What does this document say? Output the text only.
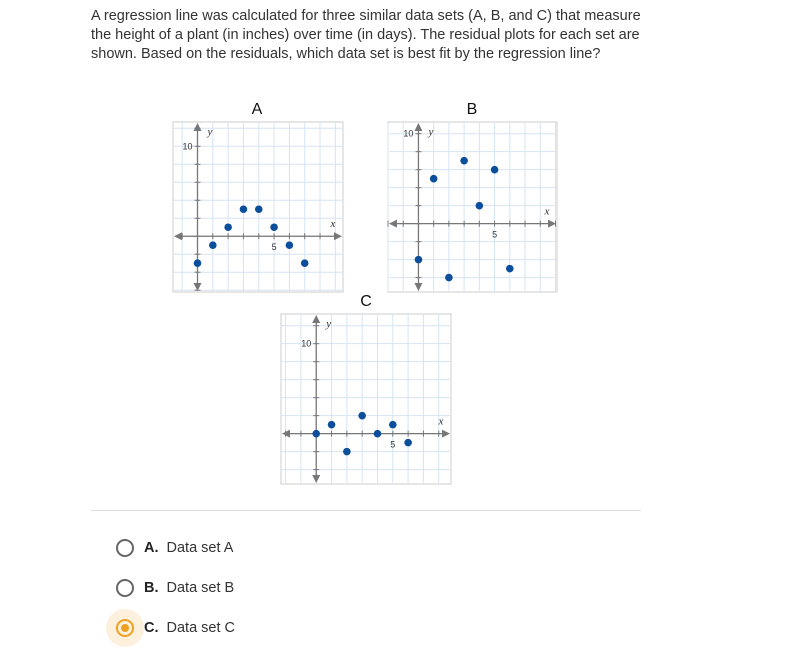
A regression line was calculated for three similar data sets (A, B, and C) that measure the height of a plant (in inches) over time (in days). The residual plots for each set are shown. Based on the residuals, which data set is best fit by the regression line?
A	B
C
5
10
x
y
5
10
x
y
5
10
x
y
A. Data set A
B. Data set B
C. Data set C
